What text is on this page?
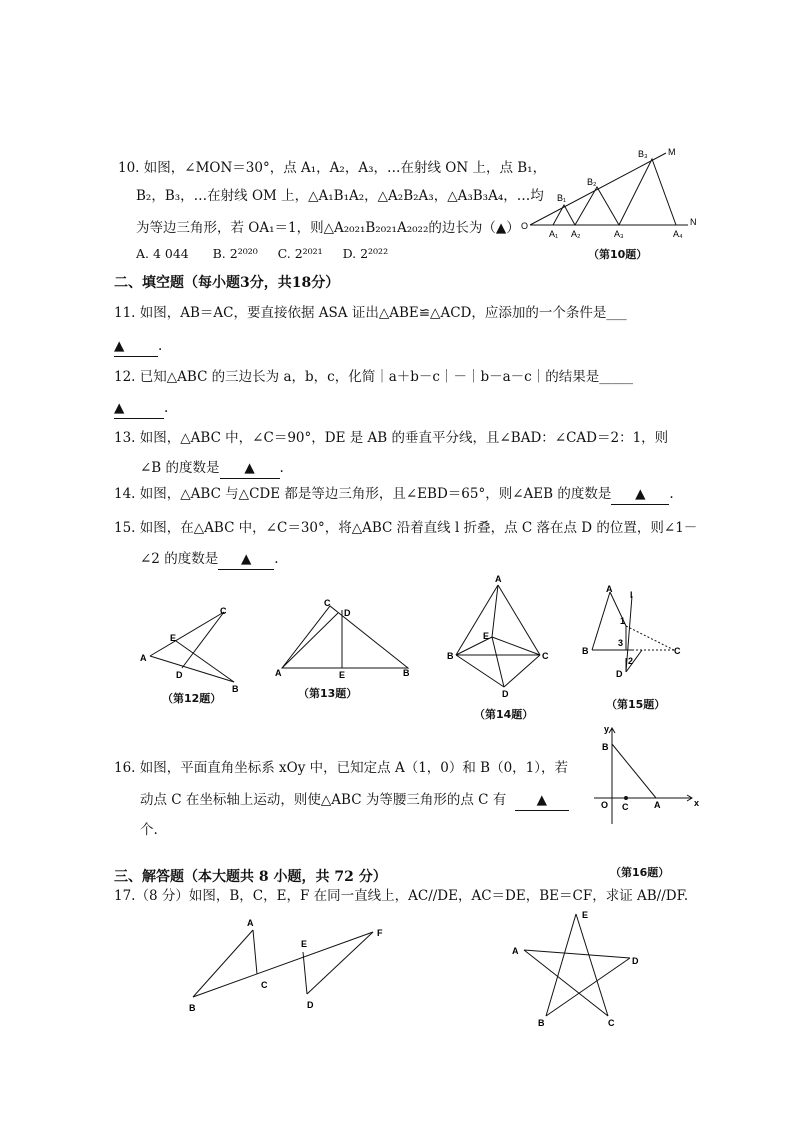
10. 如图，∠MON＝30°，点 A₁，A₂，A₃，…在射线 ON 上，点 B₁，
B₂，B₃，…在射线 OM 上，△A₁B₁A₂，△A₂B₂A₃，△A₃B₃A₄，…均
为等边三角形，若 OA₁＝1，则△A₂₀₂₁B₂₀₂₁A₂₀₂₂的边长为（▲）
A. 4 044 B. 2²⁰²⁰ C. 2²⁰²¹ D. 2²⁰²²
O
M
N
A₁ A₂	A₃	A₄
B₁
B₂
B₃
（第10题）
二、填空题（每小题3分，共18分）
11. 如图，AB＝AC，要直接依据 ASA 证出△ABE≌△ACD，应添加的一个条件是___
▲ .
12. 已知△ABC 的三边长为 a，b，c，化简｜a＋b－c｜－｜b－a－c｜的结果是_____
▲	.
13. 如图，△ABC 中，∠C＝90°，DE 是 AB 的垂直平分线，且∠BAD：∠CAD＝2：1，则
∠B 的度数是 ▲ .
14. 如图，△ABC 与△CDE 都是等边三角形，且∠EBD＝65°，则∠AEB 的度数是 ▲ .
15. 如图，在△ABC 中，∠C＝30°，将△ABC 沿着直线 l 折叠，点 C 落在点 D 的位置，则∠1－
∠2 的度数是 ▲ .
A
C
E
D
B
（第12题）
C
D
A	E	B
（第13题）
A
B	C
E
D
（第14题）
A
B	C
D
l
1
3
2
（第15题）
16. 如图，平面直角坐标系 xOy 中，已知定点 A（1，0）和 B（0，1），若
动点 C 在坐标轴上运动，则使△ABC 为等腰三角形的点 C 有 ▲
个.
y
x
B
O C	A
（第16题）
三、解答题（本大题共 8 小题，共 72 分）
17.（8 分）如图，B，C，E，F 在同一直线上，AC//DE，AC＝DE，BE＝CF，求证 AB//DF.
A
B
C
E
D
F
E
A
D
B	C
